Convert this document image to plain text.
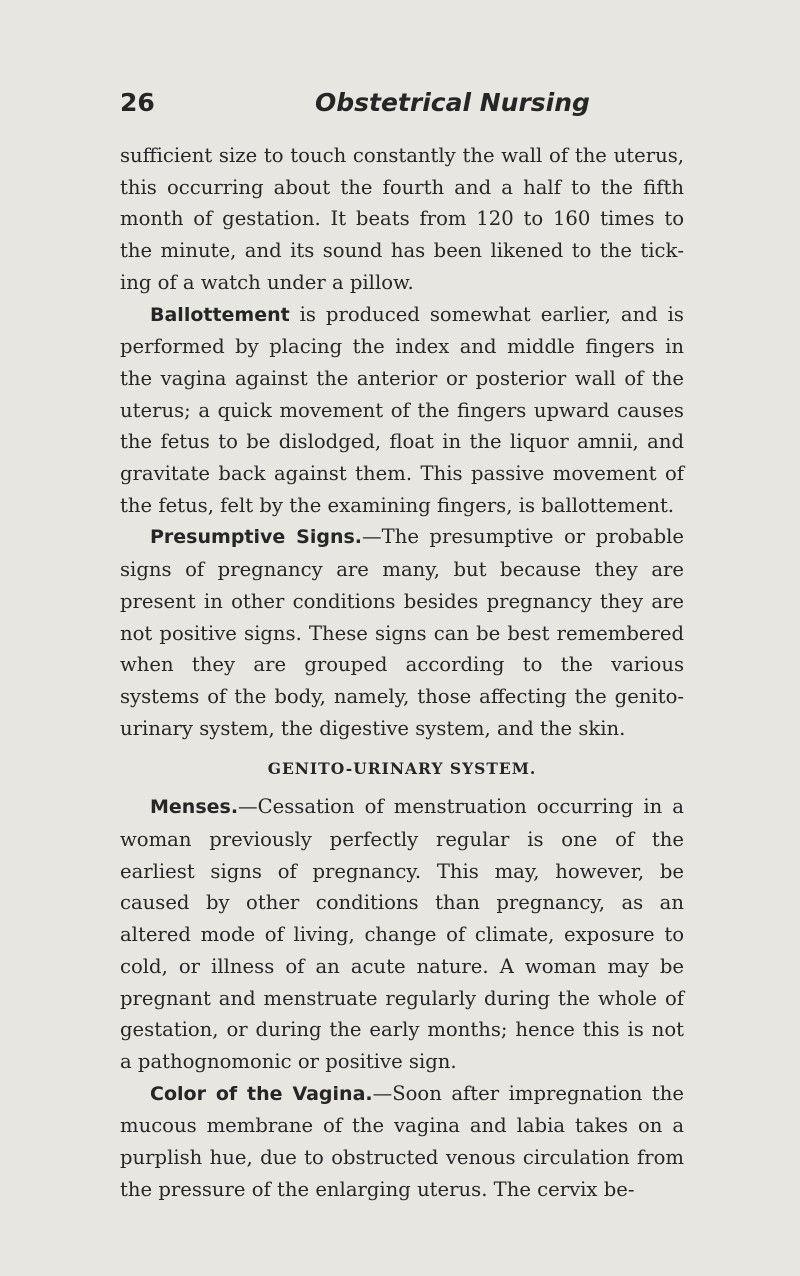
26	Obstetrical Nursing

sufficient size to touch constantly the wall of the uterus, this occurring about the fourth and a half to the fifth month of gestation. It beats from 120 to 160 times to the minute, and its sound has been likened to the ticking of a watch under a pillow.

Ballottement is produced somewhat earlier, and is performed by placing the index and middle fingers in the vagina against the anterior or posterior wall of the uterus; a quick movement of the fingers upward causes the fetus to be dislodged, float in the liquor amnii, and gravitate back against them. This passive movement of the fetus, felt by the examining fingers, is ballottement.

Presumptive Signs.—The presumptive or probable signs of pregnancy are many, but because they are present in other conditions besides pregnancy they are not positive signs. These signs can be best remembered when they are grouped according to the various systems of the body, namely, those affecting the genito-urinary system, the digestive system, and the skin.

GENITO-URINARY SYSTEM.

Menses.—Cessation of menstruation occurring in a woman previously perfectly regular is one of the earliest signs of pregnancy. This may, however, be caused by other conditions than pregnancy, as an altered mode of living, change of climate, exposure to cold, or illness of an acute nature. A woman may be pregnant and menstruate regularly during the whole of gestation, or during the early months; hence this is not a pathognomonic or positive sign.

Color of the Vagina.—Soon after impregnation the mucous membrane of the vagina and labia takes on a purplish hue, due to obstructed venous circulation from the pressure of the enlarging uterus. The cervix be-
